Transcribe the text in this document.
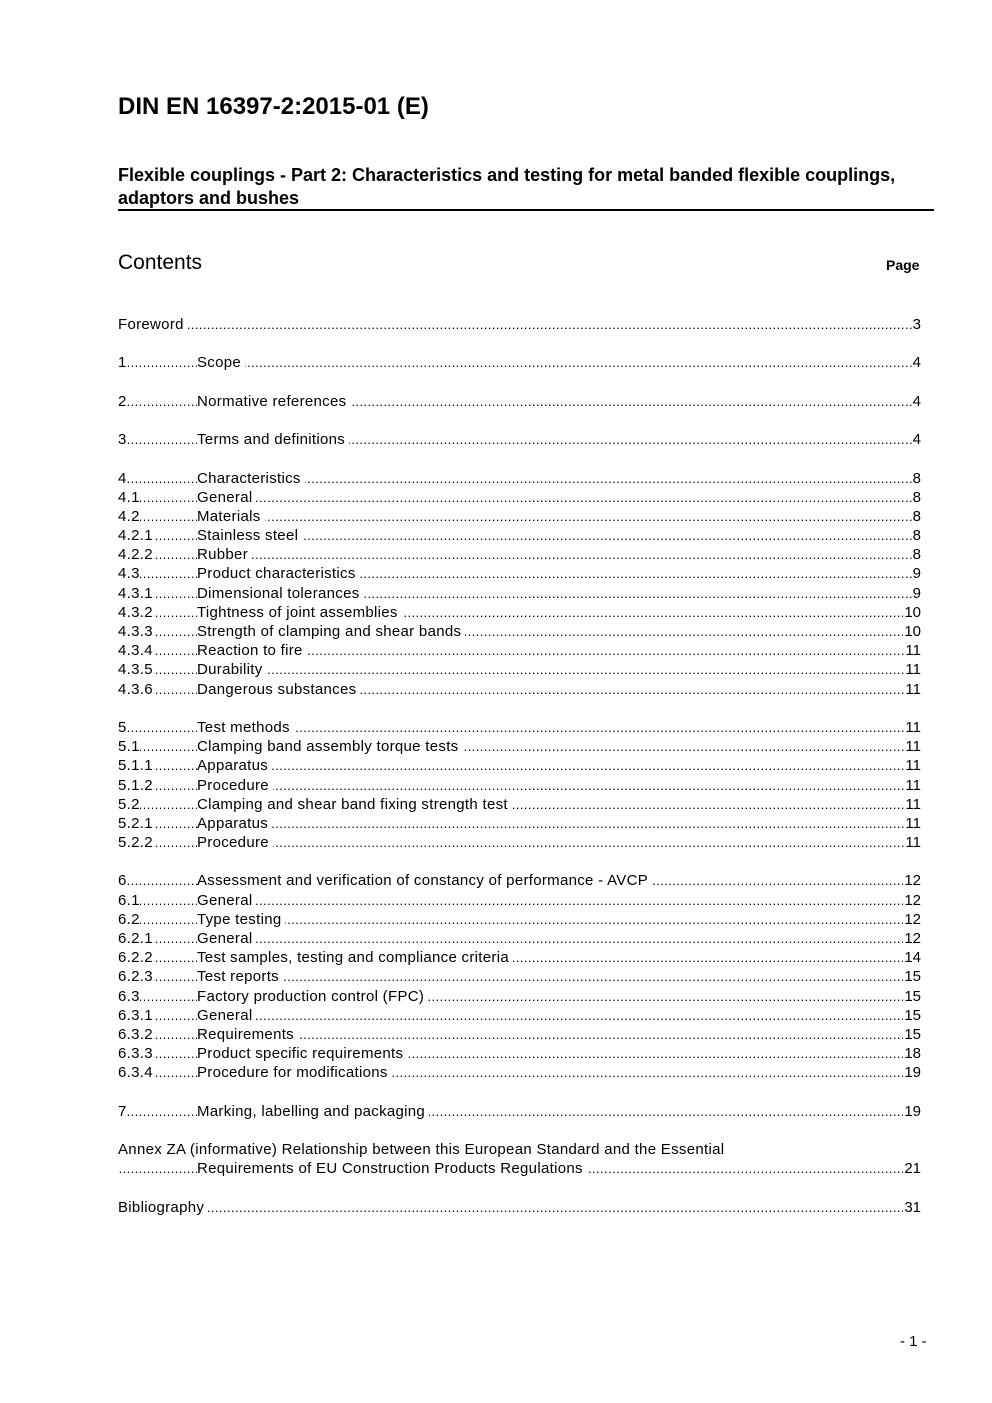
DIN EN 16397-2:2015-01 (E)
Flexible couplings - Part 2: Characteristics and testing for metal banded flexible couplings, adaptors and bushes
Contents	Page
.....
Foreword	3
.....
1	Scope	4
.....
2	Normative references	4
.....
3	Terms and definitions	4
.....
4	Characteristics	8
.....
4.1	General	8
.....
4.2	Materials	8
.....
4.2.1	Stainless steel	8
.....
4.2.2	Rubber	8
.....
4.3	Product characteristics	9
.....
4.3.1	Dimensional tolerances	9
.....
4.3.2	Tightness of joint assemblies	10
.....
4.3.3	Strength of clamping and shear bands	10
.....
4.3.4	Reaction to fire	11
.....
4.3.5	Durability	11
.....
4.3.6	Dangerous substances	11
.....
5	Test methods	11
.....
5.1	Clamping band assembly torque tests	11
.....
5.1.1	Apparatus	11
.....
5.1.2	Procedure	11
.....
5.2	Clamping and shear band fixing strength test	11
.....
5.2.1	Apparatus	11
.....
5.2.2	Procedure	11
.....
6	Assessment and verification of constancy of performance - AVCP	12
.....
6.1	General	12
.....
6.2	Type testing	12
.....
6.2.1	General	12
.....
6.2.2	Test samples, testing and compliance criteria	14
.....
6.2.3	Test reports	15
.....
6.3	Factory production control (FPC)	15
.....
6.3.1	General	15
.....
6.3.2	Requirements	15
.....
6.3.3	Product specific requirements	18
.....
6.3.4	Procedure for modifications	19
.....
7	Marking, labelling and packaging	19
Annex ZA (informative) Relationship between this European Standard and the Essential
.....
Requirements of EU Construction Products Regulations	21
.....
Bibliography	31
- 1 -
